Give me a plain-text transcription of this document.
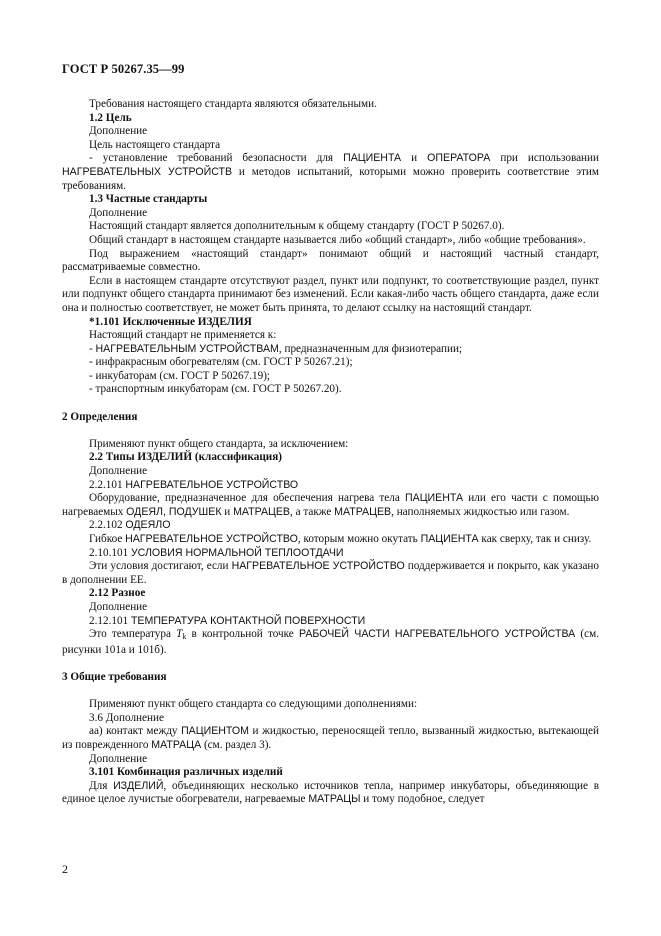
ГОСТ Р 50267.35—99

Требования настоящего стандарта являются обязательными.

1.2 Цель

Дополнение

Цель настоящего стандарта

- установление требований безопасности для ПАЦИЕНТА и ОПЕРАТОРА при использовании НАГРЕВАТЕЛЬНЫХ УСТРОЙСТВ и методов испытаний, которыми можно проверить соответствие этим требованиям.

1.3 Частные стандарты

Дополнение

Настоящий стандарт является дополнительным к общему стандарту (ГОСТ Р 50267.0).

Общий стандарт в настоящем стандарте называется либо «общий стандарт», либо «общие требования».

Под выражением «настоящий стандарт» понимают общий и настоящий частный стандарт, рассматриваемые совместно.

Если в настоящем стандарте отсутствуют раздел, пункт или подпункт, то соответствующие раздел, пункт или подпункт общего стандарта принимают без изменений. Если какая-либо часть общего стандарта, даже если она и полностью соответствует, не может быть принята, то делают ссылку на настоящий стандарт.

*1.101 Исключенные ИЗДЕЛИЯ

Настоящий стандарт не применяется к:

- НАГРЕВАТЕЛЬНЫМ УСТРОЙСТВАМ, предназначенным для физиотерапии;

- инфракрасным обогревателям (см. ГОСТ Р 50267.21);

- инкубаторам (см. ГОСТ Р 50267.19);

- транспортным инкубаторам (см. ГОСТ Р 50267.20).

2 Определения

Применяют пункт общего стандарта, за исключением:

2.2 Типы ИЗДЕЛИЙ (классификация)

Дополнение

2.2.101 НАГРЕВАТЕЛЬНОЕ УСТРОЙСТВО

Оборудование, предназначенное для обеспечения нагрева тела ПАЦИЕНТА или его части с помощью нагреваемых ОДЕЯЛ, ПОДУШЕК и МАТРАЦЕВ, а также МАТРАЦЕВ, наполняемых жидкостью или газом.

2.2.102 ОДЕЯЛО

Гибкое НАГРЕВАТЕЛЬНОЕ УСТРОЙСТВО, которым можно окутать ПАЦИЕНТА как сверху, так и снизу.

2.10.101 УСЛОВИЯ НОРМАЛЬНОЙ ТЕПЛООТДАЧИ

Эти условия достигают, если НАГРЕВАТЕЛЬНОЕ УСТРОЙСТВО поддерживается и покрыто, как указано в дополнении ЕЕ.

2.12 Разное

Дополнение

2.12.101 ТЕМПЕРАТУРА КОНТАКТНОЙ ПОВЕРХНОСТИ

Это температура $T_k$ в контрольной точке РАБОЧЕЙ ЧАСТИ НАГРЕВАТЕЛЬНОГО УСТРОЙСТВА (см. рисунки 101а и 101б).

3 Общие требования

Применяют пункт общего стандарта со следующими дополнениями:

3.6 Дополнение

аа) контакт между ПАЦИЕНТОМ и жидкостью, переносящей тепло, вызванный жидкостью, вытекающей из поврежденного МАТРАЦА (см. раздел 3).

Дополнение

3.101 Комбинация различных изделий

Для ИЗДЕЛИЙ, объединяющих несколько источников тепла, например инкубаторы, объединяющие в единое целое лучистые обогреватели, нагреваемые МАТРАЦЫ и тому подобное, следует

2
